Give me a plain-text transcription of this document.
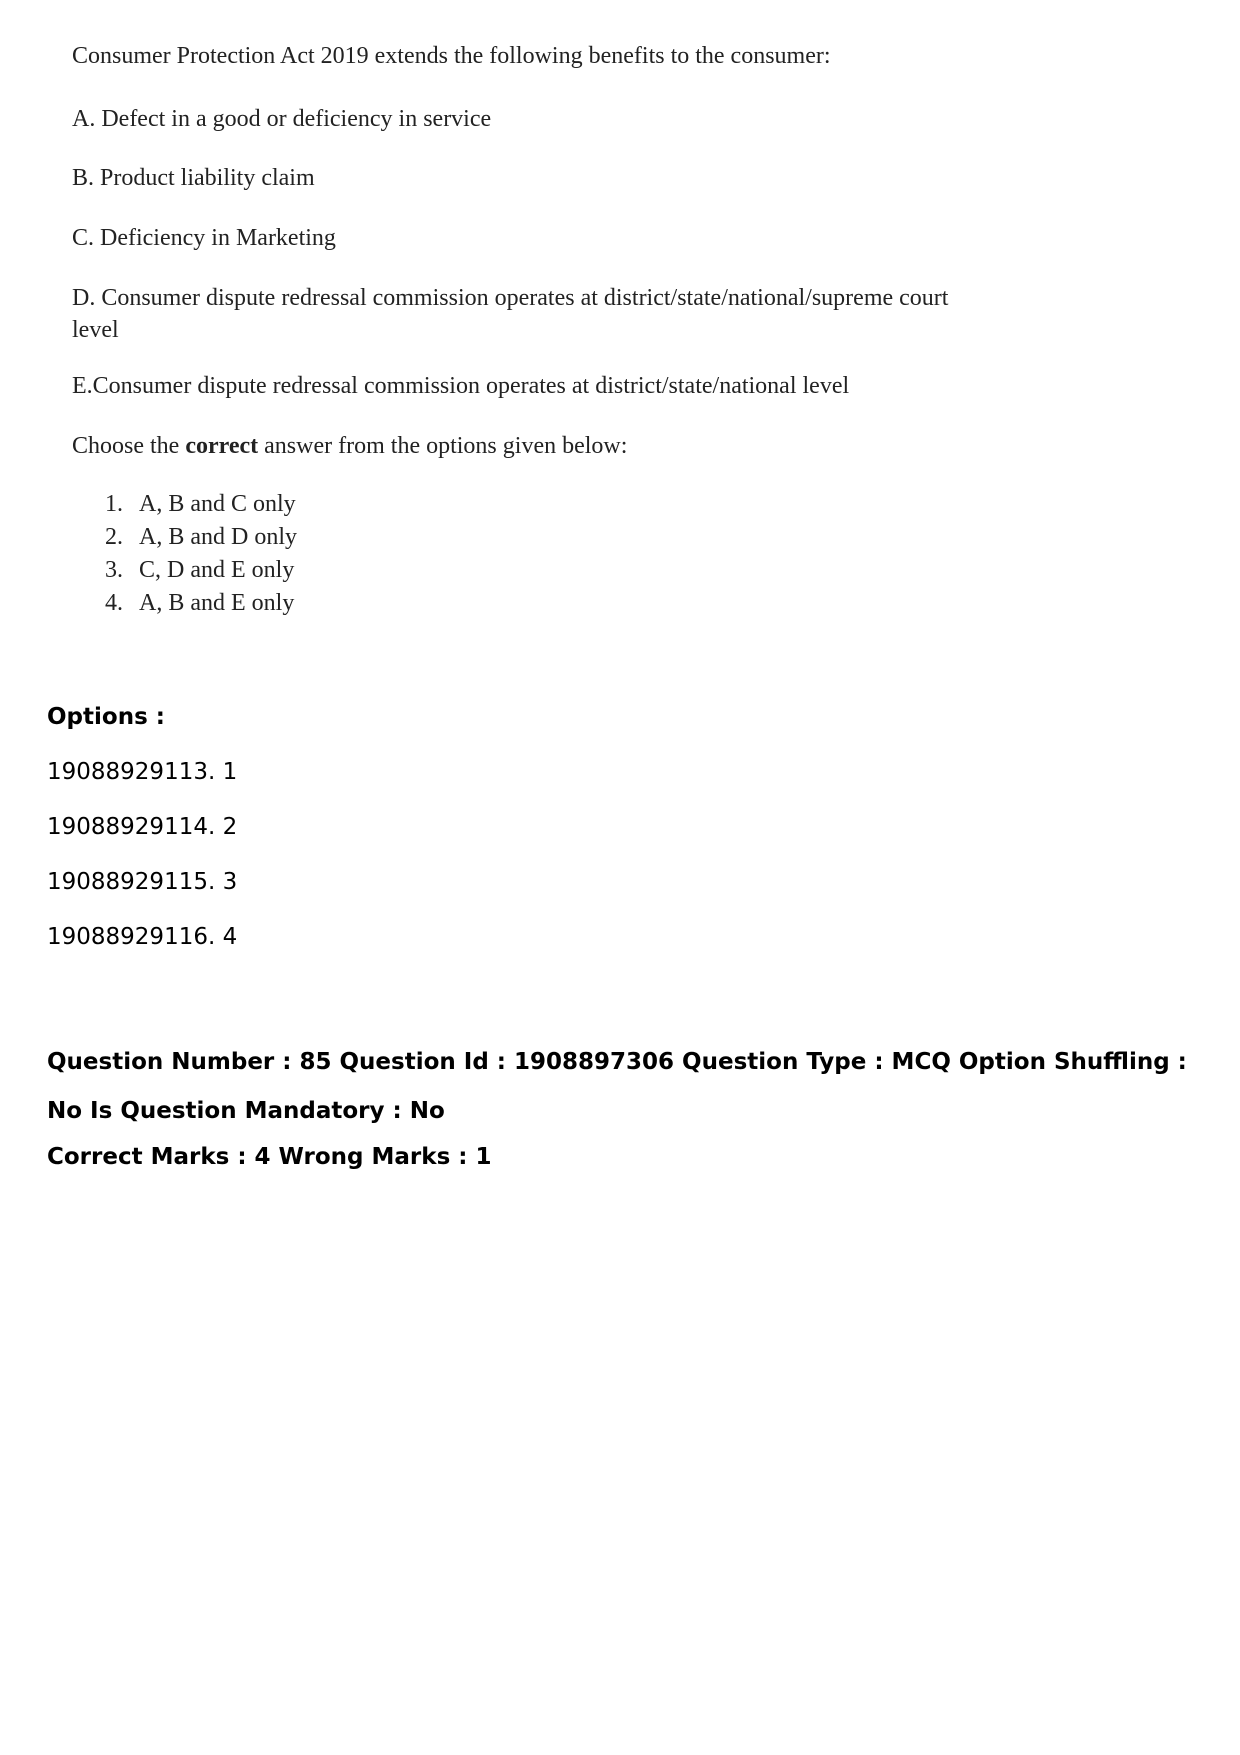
Consumer Protection Act 2019 extends the following benefits to the consumer:
A. Defect in a good or deficiency in service
B. Product liability claim
C. Deficiency in Marketing
D. Consumer dispute redressal commission operates at district/state/national/supreme court level
E.Consumer dispute redressal commission operates at district/state/national level
Choose the correct answer from the options given below:
1. A, B and C only
2. A, B and D only
3. C, D and E only
4. A, B and E only
Options :
19088929113. 1
19088929114. 2
19088929115. 3
19088929116. 4
Question Number : 85 Question Id : 1908897306 Question Type : MCQ Option Shuffling : No Is Question Mandatory : No
Correct Marks : 4 Wrong Marks : 1
